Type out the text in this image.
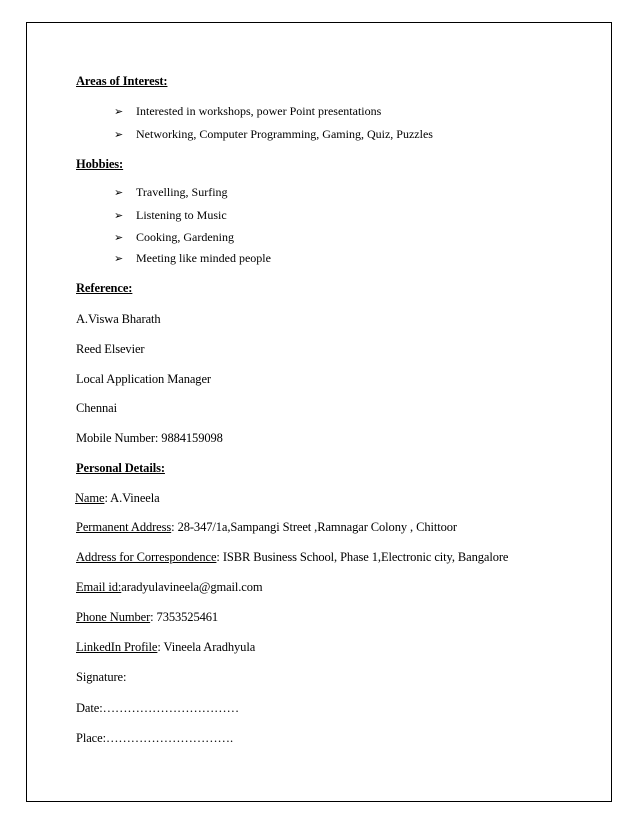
Areas of Interest:
➢	Interested in workshops, power Point presentations
➢	Networking, Computer Programming, Gaming, Quiz, Puzzles
Hobbies:
➢	Travelling, Surfing
➢	Listening to Music
➢	Cooking, Gardening
➢	Meeting like minded people
Reference:
A.Viswa Bharath
Reed Elsevier
Local Application Manager
Chennai
Mobile Number: 9884159098
Personal Details:
Name: A.Vineela
Permanent Address: 28-347/1a,Sampangi Street ,Ramnagar Colony , Chittoor
Address for Correspondence: ISBR Business School, Phase 1,Electronic city, Bangalore
Email id:aradyulavineela@gmail.com
Phone Number: 7353525461
LinkedIn Profile: Vineela Aradhyula
Signature:
Date:……………………………
Place:………………………….
